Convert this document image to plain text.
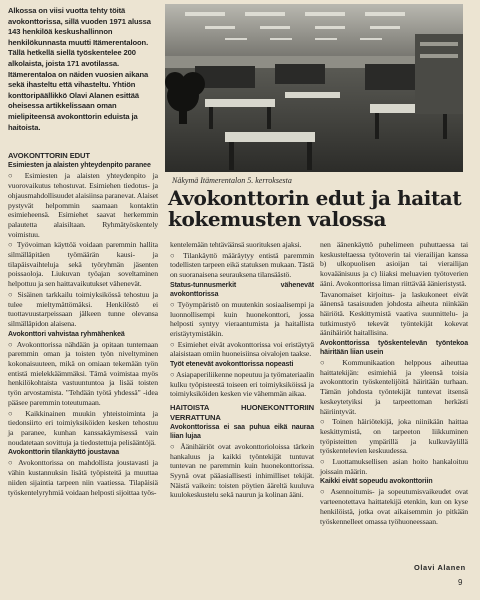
Alkossa on viisi vuotta tehty töitä avokonttorissa, sillä vuoden 1971 alussa 143 henkilöä keskushallinnon henkilökunnasta muutti Itämerentaloon. Tällä hetkellä siellä työskentelee 200 alkolaista, joista 171 avotilassa. Itämerentaloa on näiden vuosien aikana sekä ihasteltu että vihasteltu. Yhtiön konttoripäällikkö Olavi Alanen esittää oheisessa artikkelissaan oman mielipiteensä avokonttorin eduista ja haitoista.
Näkymä Itämerentalon 5. kerroksesta
Avokonttorin edut ja haitat kokemusten valossa

AVOKONTTORIN EDUT

Esimiesten ja alaisten yhteydenpito paranee

○ Esimiesten ja alaisten yhteydenpito ja vuorovaikutus tehostuvat. Esimiehen tiedotus- ja ohjausmahdollisuudet alaisiinsa paranevat. Alaiset pystyvät helpommin saamaan kontaktin esimieheensä. Esimiehet saavat herkemmin palautetta alaisiltaan. Ryhmätyöskentely voimistuu.

○ Työvoiman käyttöä voidaan paremmin hallita silmälläpitäen työmäärän kausi- ja tilapäisvaihteluja sekä työryhmän jäsenten poissaoloja. Liukuvan työajan soveltaminen helpottuu ja sen haittavaikutukset vähenevät.

○ Sisäinen tarkkailu toimiyksikössä tehostuu ja tulee mieltymättömäksi. Henkilöstö ei tuottavuustarpeissaan jälkeen tunne olevansa silmälläpidon alaisena.

Avokonttori vahvistaa ryhmähenkeä

○ Avokonttorissa nähdään ja opitaan tuntemaan paremmin oman ja toisten työn niveltyminen kokonaisuuteen, mikä on omiaan tekemään työn entistä mielekkäämmäksi. Tämä voimistaa myös henkilökohtaista vastuuntuntoa ja lisää toisten työn arvostamista. "Tehdään työtä yhdessä" -idea pääsee paremmin toteutumaan.

○ Kaikkinainen muukin yhteistoiminta ja tiedonsiirto eri toimiyksiköiden kesken tehostuu ja paranee, kunhan kanssakäymisessä vain noudatetaan sovittuja ja tiedostettuja pelisääntöjä.

Avokonttorin tilankäyttö joustavaa

○ Avokonttorissa on mahdollista joustavasti ja vähin kustannuksin lisätä työpisteitä ja muuttaa niiden sijaintia tarpeen niin vaatiessa. Tilapäisiä työskentelyryhmiä voidaan helposti sijoittaa työs-

kentelemään tehtäväänsä suorituksen ajaksi.

○ Tilankäyttö määräytyy entistä paremmin todellisten tarpeen eikä statuksen mukaan. Tästä on suoranaisena seurauksena tilansäästö.

Status-tunnusmerkit vähenevät avokonttorissa

○ Työympäristö on muutenkin sosiaalisempi ja luonnollisempi kuin huonekonttori, jossa helposti syntyy vieraantumista ja haitallista eristäytymistäkin.

○ Esimiehet eivät avokonttorissa voi eristäytyä alaisistaan omiin huoneisiinsa oivalojen taakse.

Työt etenevät avokonttorissa nopeasti

○ Asiapaperiliikenne nopeutuu ja työmateriaalin kulku työpisteestä toiseen eri toimiyksiköissä ja toimiyksiköiden kesken vie vähemmän aikaa.

HAITOISTA HUONEKONTTORIIN VERRATTUNA

Avokonttorissa ei saa puhua eikä nauraa liian lujaa

○ Äänihäiriöt ovat avokonttorioloissa tärkein hankaluus ja kaikki työntekijät tuntuvat tuntevan ne paremmin kuin huonekonttorissa. Syynä ovat pääasiallisesti inhimilliset tekijät. Näistä vaikein: toisten pöytien ääreltä kuuluva kuulokeskustelu sekä naurun ja kolinan ääni.

nen äänenkäyttö puhelimeen puhuttaessa tai keskusteltaessa työtoverin tai vierailijan kanssa b) ulkopuolisen asioijan tai vierailijan kovaäänisuus ja c) liiaksi meluavien työtoverien ääni. Avokonttorissa liman riittävää äänieristystä.

Tavanomaiset kirjoitus- ja laskukoneet eivät äänensä tasaisuuden johdosta aiheuta niinkään häiriötä. Keskittymistä vaativa suunnittelu- ja tutkimustyö tekevät työntekijät kokevat äänihäiriöt haitallisina.

Avokonttorissa työskentelevän työntekoa häiritään liian usein

○ Kommunikaation helppous aiheuttaa haittatekijän: esimiehiä ja yleensä toisia avokonttorin työskentelijöitä häiritään turhaan. Tämän johdosta työntekijät tuntevat itsensä keskeytetyiksi ja tarpeettoman herkästi häiriintyvät.

○ Toinen häiriötekijä, joka niinikään haittaa keskittymistä, on tarpeeton liikkuminen työpisteitten ympärillä ja kulkuväylillä työskentelevien keskuudessa.

○ Luottamuksellisen asian hoito hankaloituu joissain määrin.

Kaikki eivät sopeudu avokonttoriin

○ Asennoitumis- ja sopeutumisvaikeudet ovat varteenotettava haittatekijä etenkin, kun on kyse henkilöistä, jotka ovat aikaisemmin jo pitkään työskennelleet omassa työhuoneessaan.

Olavi Alanen
9
